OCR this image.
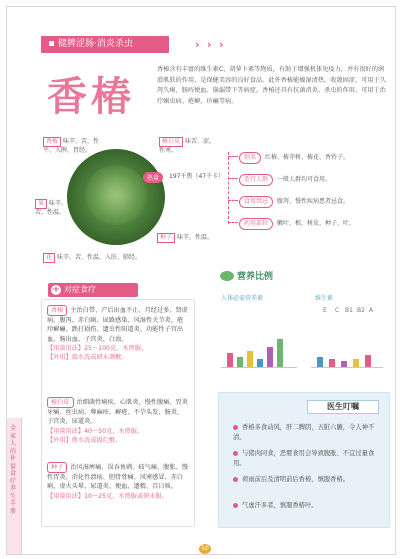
健脾涩肠·消炎杀虫	› › ›
香椿
香椿含有丰富的维生素C、胡萝卜素等物质，有助于增强机体免疫力，并有很好的润滑肌肤的作用，是保健美容的良好食品。此外香椿能燥湿清热，收敛固涩，可用于久泻久痢、肠痔便血、崩漏带下等病症。香椿还具有抗菌消炎、杀虫的作用，可用于治疗蛔虫病、疮癣、疥癞等病。
香椿 味辛、苦，性平，入脾、胃经。
椿白皮 味苦、涩，性寒。
果 味辛、苦，性温。
种子 味辛，性温。
花 味辛、苦，性温，入肝、肺经。
热量	197千焦（47千卡）
别名 红椿、椿芽树、椿花、香铃子。
适宜人群 一般人群均可食用。
食用禁忌 腹泻、慢性疾病患者忌食。
药用部位 嫩叶、根、树皮、种子、叶。
+ 对症食疗
香椿 主治白带、产后出血不止、月经过多、肾虚病、腹泻、赤白痢、尿路感染、风湿性关节炎、疮疖癣癞、跌打损伤、遗虫性阳道炎、功能性子宫出血、肠出血、子宫炎、白浊。
【用量用法】25～100克，水煎服。
【外用】捣水洗或研末调敷。
椿白皮 治细菌性痢疾、心肌炎、慢性腹痛、胃炎牙痛、丝虫病、尊麻疹、癣疮、不孕头发、肠炎、子宫炎、尿道炎。
【用量用法】40～50克，水煎服。
【外用】煎水洗或捣烂敷。
种子 治风湿痹痛、误吞鱼刺、疝气痛、腹胀、慢性胃炎、消化性溃疡、胆骨骨痛、风寒感冒、赤白痢、虚火头晕、尿道炎、便血、遗精、百日咳。
【用量用法】10～25克，水煎服或研末服。
营养比例
人体必需营养素	维生素
E C B1 B2 A
医生叮嘱
香椿多食动风，肝二脾阴，五脏六腑，令人神不清。
与猪肉同食，恶婴食用会导致腹胀、不宜过量食用。
荷雨前后及清明前后香椿，慎服香椿。
气虚汗多者，慎服香椿叶。
全家人的补益食疗养生手册
50
